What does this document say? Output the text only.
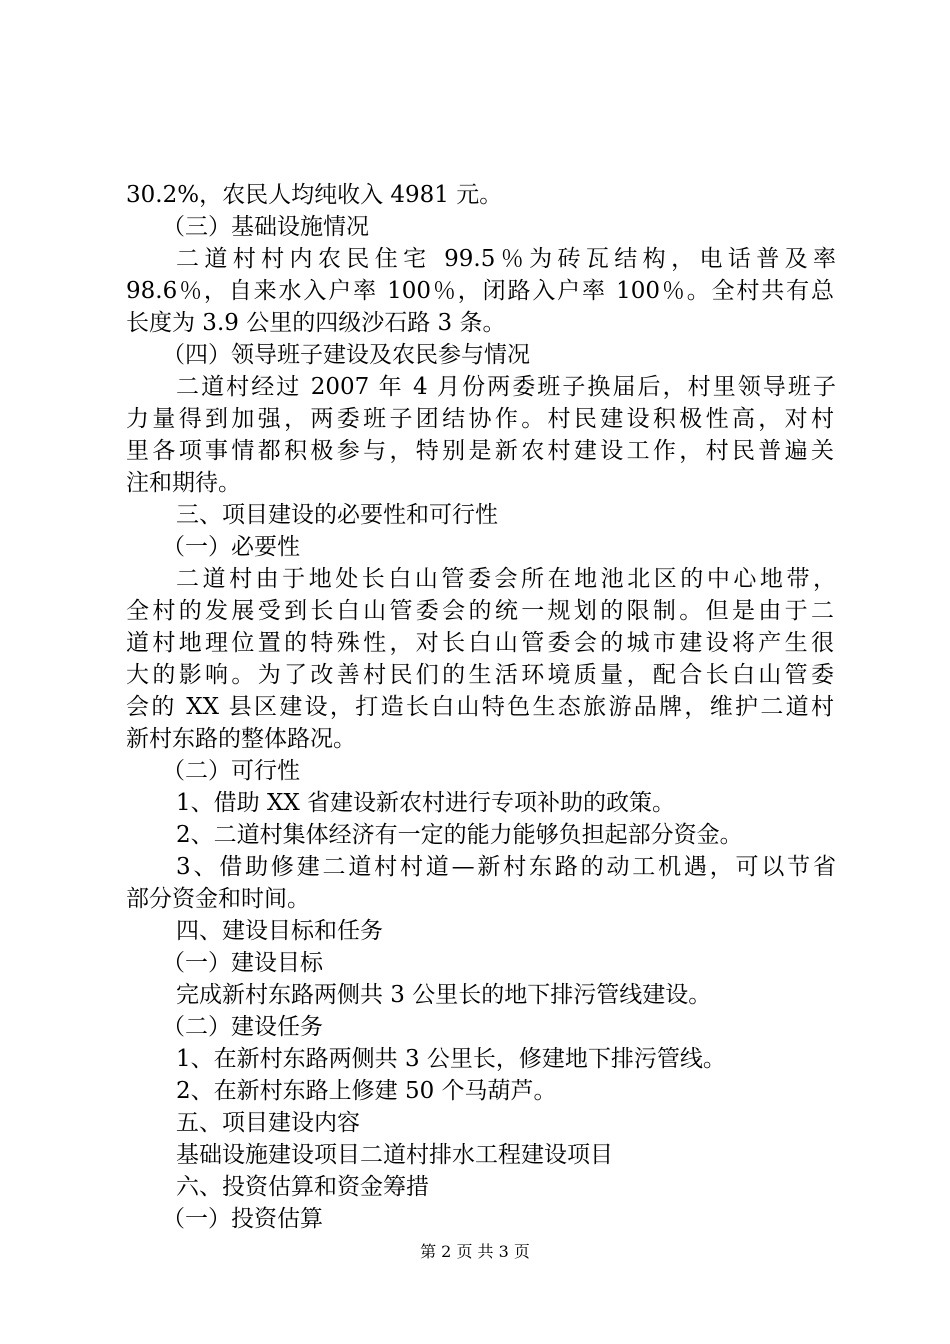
30.2%，农民人均纯收入 4981 元。
（三）基础设施情况
二道村村内农民住宅 99.5％为砖瓦结构，电话普及率
98.6％，自来水入户率 100％，闭路入户率 100％。全村共有总
长度为 3.9 公里的四级沙石路 3 条。
（四）领导班子建设及农民参与情况
二道村经过 2007 年 4 月份两委班子换届后，村里领导班子
力量得到加强，两委班子团结协作。村民建设积极性高，对村
里各项事情都积极参与，特别是新农村建设工作，村民普遍关
注和期待。
三、项目建设的必要性和可行性
（一）必要性
二道村由于地处长白山管委会所在地池北区的中心地带，
全村的发展受到长白山管委会的统一规划的限制。但是由于二
道村地理位置的特殊性，对长白山管委会的城市建设将产生很
大的影响。为了改善村民们的生活环境质量，配合长白山管委
会的 XX 县区建设，打造长白山特色生态旅游品牌，维护二道村
新村东路的整体路况。
（二）可行性
1、借助 XX 省建设新农村进行专项补助的政策。
2、二道村集体经济有一定的能力能够负担起部分资金。
3、借助修建二道村村道—新村东路的动工机遇，可以节省
部分资金和时间。
四、建设目标和任务
（一）建设目标
完成新村东路两侧共 3 公里长的地下排污管线建设。
（二）建设任务
1、在新村东路两侧共 3 公里长，修建地下排污管线。
2、在新村东路上修建 50 个马葫芦。
五、项目建设内容
基础设施建设项目二道村排水工程建设项目
六、投资估算和资金筹措
（一）投资估算
第 2 页 共 3 页
